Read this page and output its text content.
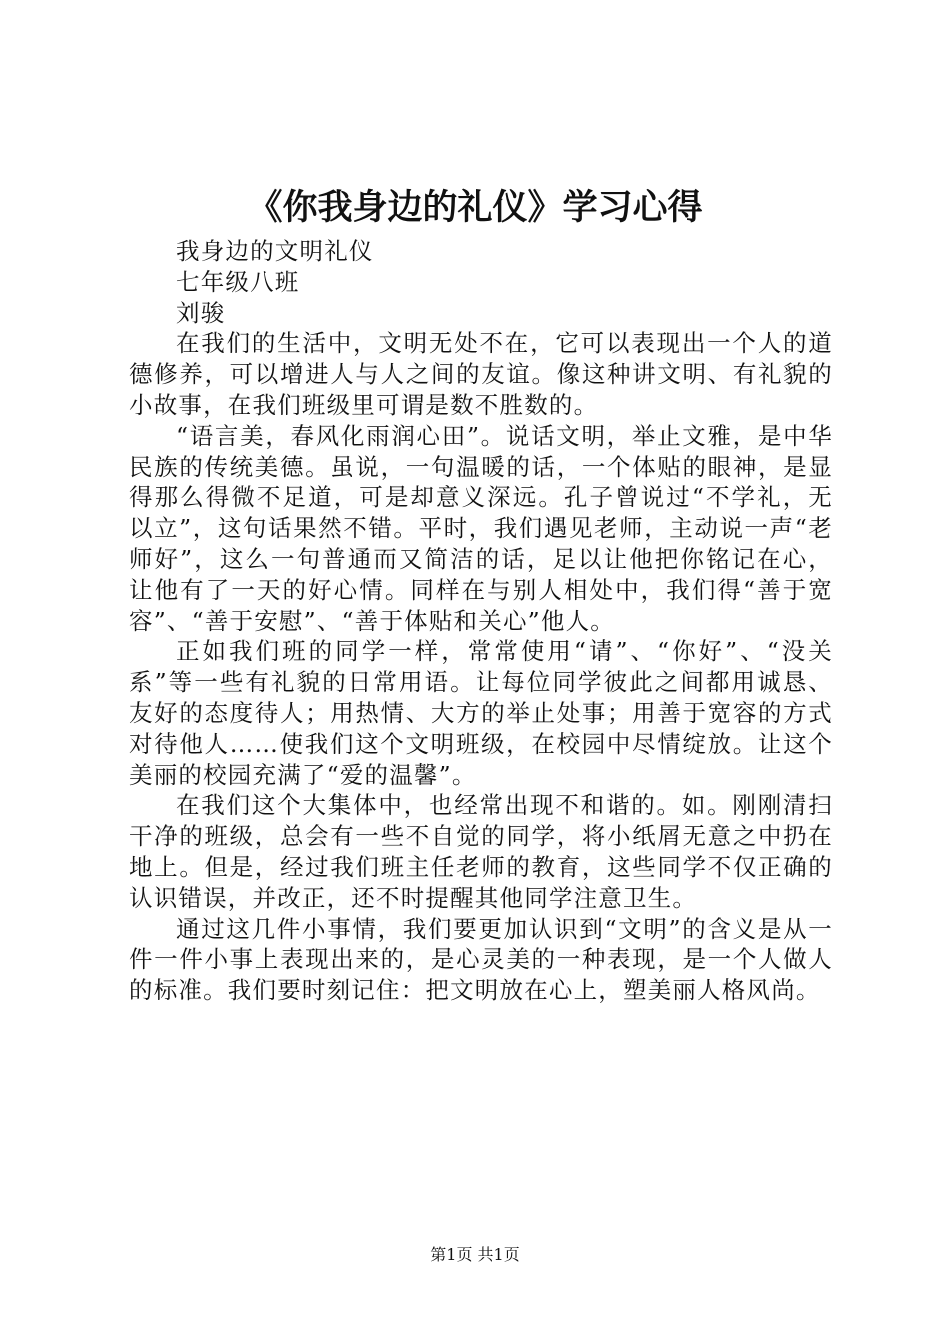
《你我身边的礼仪》学习心得

我身边的文明礼仪

七年级八班

刘骏

在我们的生活中，文明无处不在，它可以表现出一个人的道德修养，可以增进人与人之间的友谊。像这种讲文明、有礼貌的小故事，在我们班级里可谓是数不胜数的。

“语言美，春风化雨润心田”。说话文明，举止文雅，是中华民族的传统美德。虽说，一句温暖的话，一个体贴的眼神，是显得那么得微不足道，可是却意义深远。孔子曾说过“不学礼，无以立”，这句话果然不错。平时，我们遇见老师，主动说一声“老师好”，这么一句普通而又简洁的话，足以让他把你铭记在心，让他有了一天的好心情。同样在与别人相处中，我们得“善于宽容”、“善于安慰”、“善于体贴和关心”他人。

正如我们班的同学一样，常常使用“请”、“你好”、“没关系”等一些有礼貌的日常用语。让每位同学彼此之间都用诚恳、友好的态度待人；用热情、大方的举止处事；用善于宽容的方式对待他人……使我们这个文明班级，在校园中尽情绽放。让这个美丽的校园充满了“爱的温馨”。

在我们这个大集体中，也经常出现不和谐的。如。刚刚清扫干净的班级，总会有一些不自觉的同学，将小纸屑无意之中扔在地上。但是，经过我们班主任老师的教育，这些同学不仅正确的认识错误，并改正，还不时提醒其他同学注意卫生。

通过这几件小事情，我们要更加认识到“文明”的含义是从一件一件小事上表现出来的，是心灵美的一种表现，是一个人做人的标准。我们要时刻记住：把文明放在心上，塑美丽人格风尚。

第1页 共1页
